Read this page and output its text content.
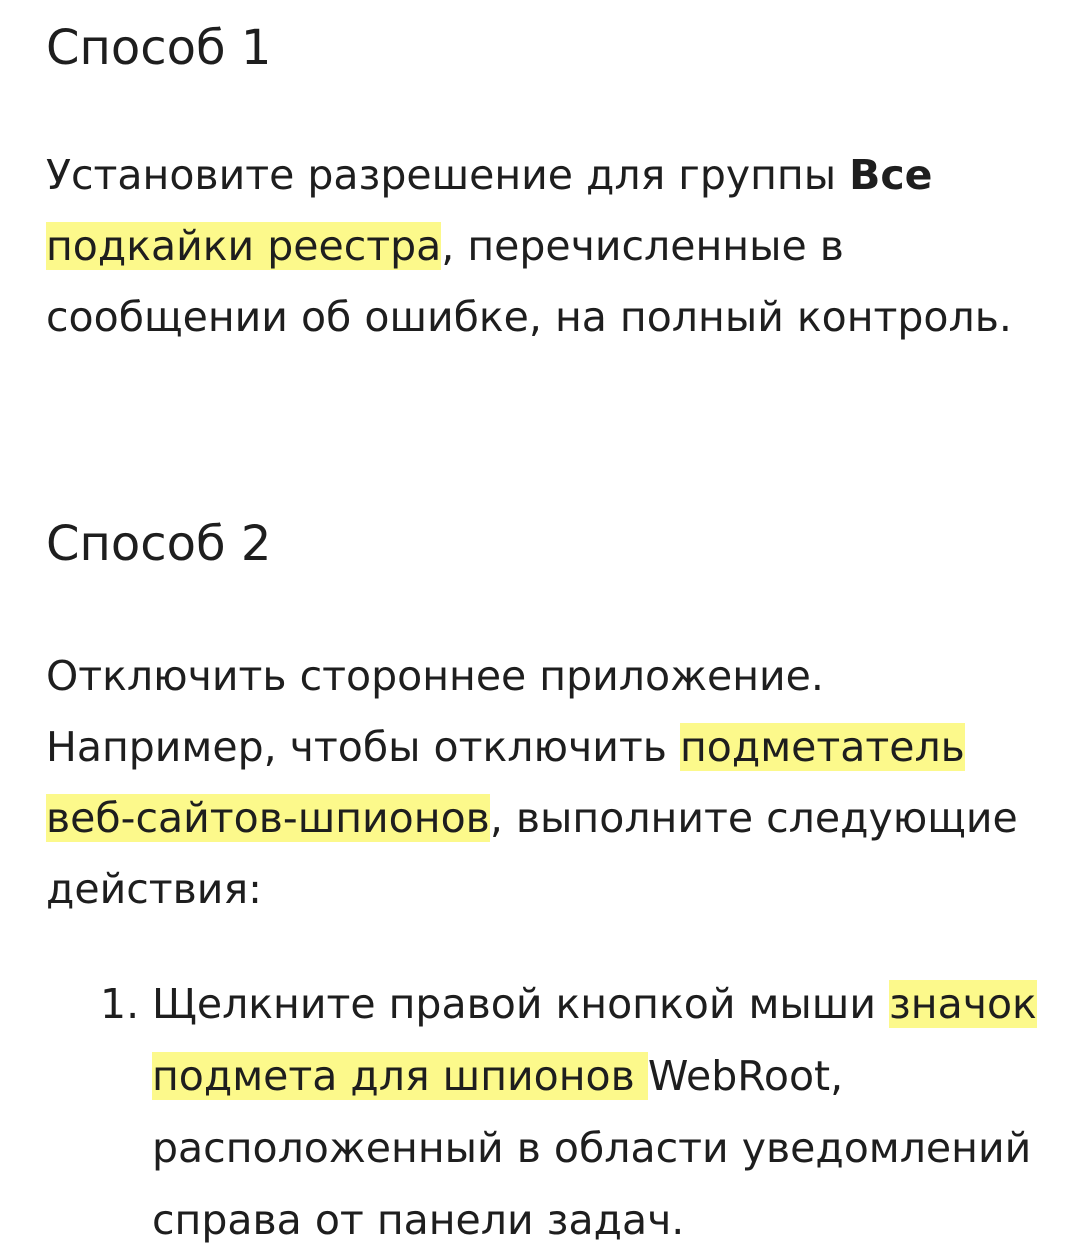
Способ 1

Установите разрешение для группы Все подкайки реестра, перечисленные в сообщении об ошибке, на полный контроль.

Способ 2

Отключить стороннее приложение. Например, чтобы отключить подметатель веб-сайтов-шпионов, выполните следующие действия:

1. Щелкните правой кнопкой мыши значок подмета для шпионов WebRoot, расположенный в области уведомлений справа от панели задач.
